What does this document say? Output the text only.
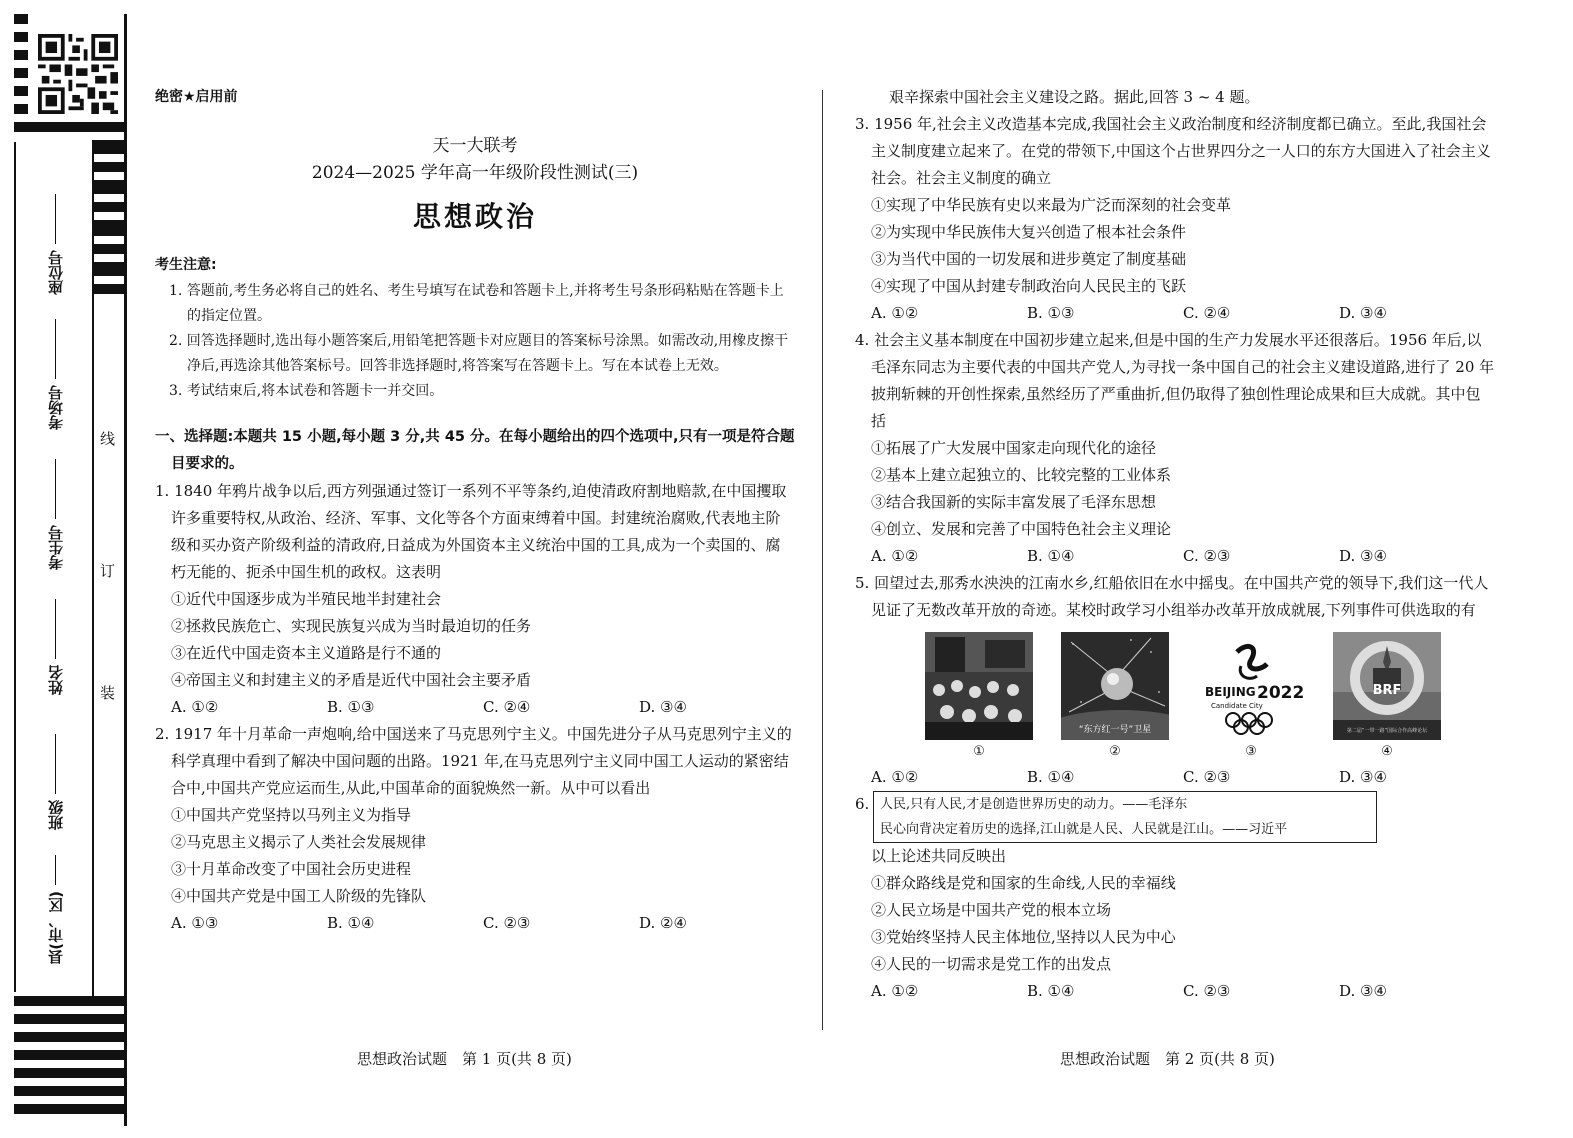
座位号
考场号
考生号
姓名
班级
县(市、区)
线
订
装
绝密★启用前
天一大联考
2024—2025 学年高一年级阶段性测试(三)
思想政治
考生注意:
1. 答题前,考生务必将自己的姓名、考生号填写在试卷和答题卡上,并将考生号条形码粘贴在答题卡上的指定位置。
2. 回答选择题时,选出每小题答案后,用铅笔把答题卡对应题目的答案标号涂黑。如需改动,用橡皮擦干净后,再选涂其他答案标号。回答非选择题时,将答案写在答题卡上。写在本试卷上无效。
3. 考试结束后,将本试卷和答题卡一并交回。
一、选择题:本题共 15 小题,每小题 3 分,共 45 分。在每小题给出的四个选项中,只有一项是符合题目要求的。
1. 1840 年鸦片战争以后,西方列强通过签订一系列不平等条约,迫使清政府割地赔款,在中国攫取许多重要特权,从政治、经济、军事、文化等各个方面束缚着中国。封建统治腐败,代表地主阶级和买办资产阶级利益的清政府,日益成为外国资本主义统治中国的工具,成为一个卖国的、腐朽无能的、扼杀中国生机的政权。这表明
①近代中国逐步成为半殖民地半封建社会
②拯救民族危亡、实现民族复兴成为当时最迫切的任务
③在近代中国走资本主义道路是行不通的
④帝国主义和封建主义的矛盾是近代中国社会主要矛盾
A. ①②	B. ①③	C. ②④	D. ③④
2. 1917 年十月革命一声炮响,给中国送来了马克思列宁主义。中国先进分子从马克思列宁主义的科学真理中看到了解决中国问题的出路。1921 年,在马克思列宁主义同中国工人运动的紧密结合中,中国共产党应运而生,从此,中国革命的面貌焕然一新。从中可以看出
①中国共产党坚持以马列主义为指导
②马克思主义揭示了人类社会发展规律
③十月革命改变了中国社会历史进程
④中国共产党是中国工人阶级的先锋队
A. ①③	B. ①④	C. ②③	D. ②④
艰辛探索中国社会主义建设之路。据此,回答 3 ~ 4 题。
3. 1956 年,社会主义改造基本完成,我国社会主义政治制度和经济制度都已确立。至此,我国社会主义制度建立起来了。在党的带领下,中国这个占世界四分之一人口的东方大国进入了社会主义社会。社会主义制度的确立
①实现了中华民族有史以来最为广泛而深刻的社会变革
②为实现中华民族伟大复兴创造了根本社会条件
③为当代中国的一切发展和进步奠定了制度基础
④实现了中国从封建专制政治向人民民主的飞跃
A. ①②	B. ①③	C. ②④	D. ③④
4. 社会主义基本制度在中国初步建立起来,但是中国的生产力发展水平还很落后。1956 年后,以毛泽东同志为主要代表的中国共产党人,为寻找一条中国自己的社会主义建设道路,进行了 20 年披荆斩棘的开创性探索,虽然经历了严重曲折,但仍取得了独创性理论成果和巨大成就。其中包括
①拓展了广大发展中国家走向现代化的途径
②基本上建立起独立的、比较完整的工业体系
③结合我国新的实际丰富发展了毛泽东思想
④创立、发展和完善了中国特色社会主义理论
A. ①②	B. ①④	C. ②③	D. ③④
5. 回望过去,那秀水泱泱的江南水乡,红船依旧在水中摇曳。在中国共产党的领导下,我们这一代人见证了无数改革开放的奇迹。某校时政学习小组举办改革开放成就展,下列事件可供选取的有
“东方红一号”卫星
BEIJING 2022
Candidate City
BRF
第二届“一带一路”国际合作高峰论坛
①	②	③	④
A. ①②	B. ①④	C. ②③	D. ③④
6. 人民,只有人民,才是创造世界历史的动力。——毛泽东
民心向背决定着历史的选择,江山就是人民、人民就是江山。——习近平
以上论述共同反映出
①群众路线是党和国家的生命线,人民的幸福线
②人民立场是中国共产党的根本立场
③党始终坚持人民主体地位,坚持以人民为中心
④人民的一切需求是党工作的出发点
A. ①②	B. ①④	C. ②③	D. ③④
思想政治试题　第 1 页(共 8 页)	思想政治试题　第 2 页(共 8 页)
